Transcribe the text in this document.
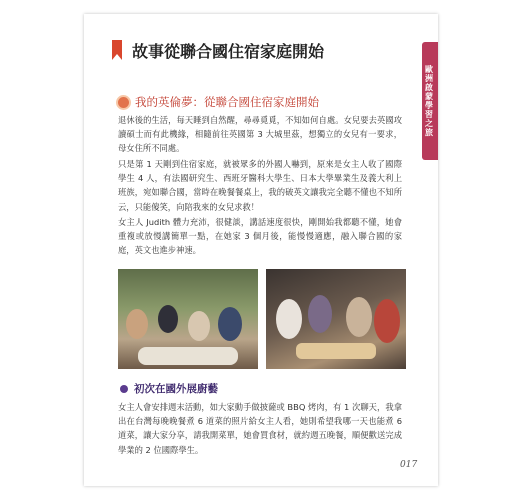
歐洲啟蒙學習之旅
故事從聯合國住宿家庭開始
我的英倫夢：從聯合國住宿家庭開始

退休後的生活，每天睡到自然醒，尋尋覓覓，不知如何自處。女兒要去英國攻讀碩士而有此機緣，相隨前往英國第 3 大城里茲，想獨立的女兒有一要求，母女住所不同處。

只是第 1 天剛到住宿家庭，就被眾多的外國人嚇到，原來是女主人收了國際學生 4 人，有法國研究生、西班牙醫科大學生、日本大學畢業生及義大利上班族，宛如聯合國，當時在晚餐餐桌上，我的破英文讓我完全聽不懂也不知所云，只能傻笑，向陪我來的女兒求救！

女主人 Judith 體力充沛，很健談，講話速度很快，剛開始我都聽不懂，她會重複或放慢講簡單一點，在她家 3 個月後，能慢慢適應，融入聯合國的家庭，英文也進步神速。

初次在國外展廚藝

女主人會安排週末活動，如大家動手做披薩或 BBQ 烤肉，有 1 次聊天，我拿出在台灣每晚晚餐煮 6 道菜的照片給女主人看，她則希望我哪一天也能煮 6 道菜，讓大家分享，請我開菜單，她會買食材，就約週五晚餐，順便歡送完成學業的 2 位國際學生。

017
